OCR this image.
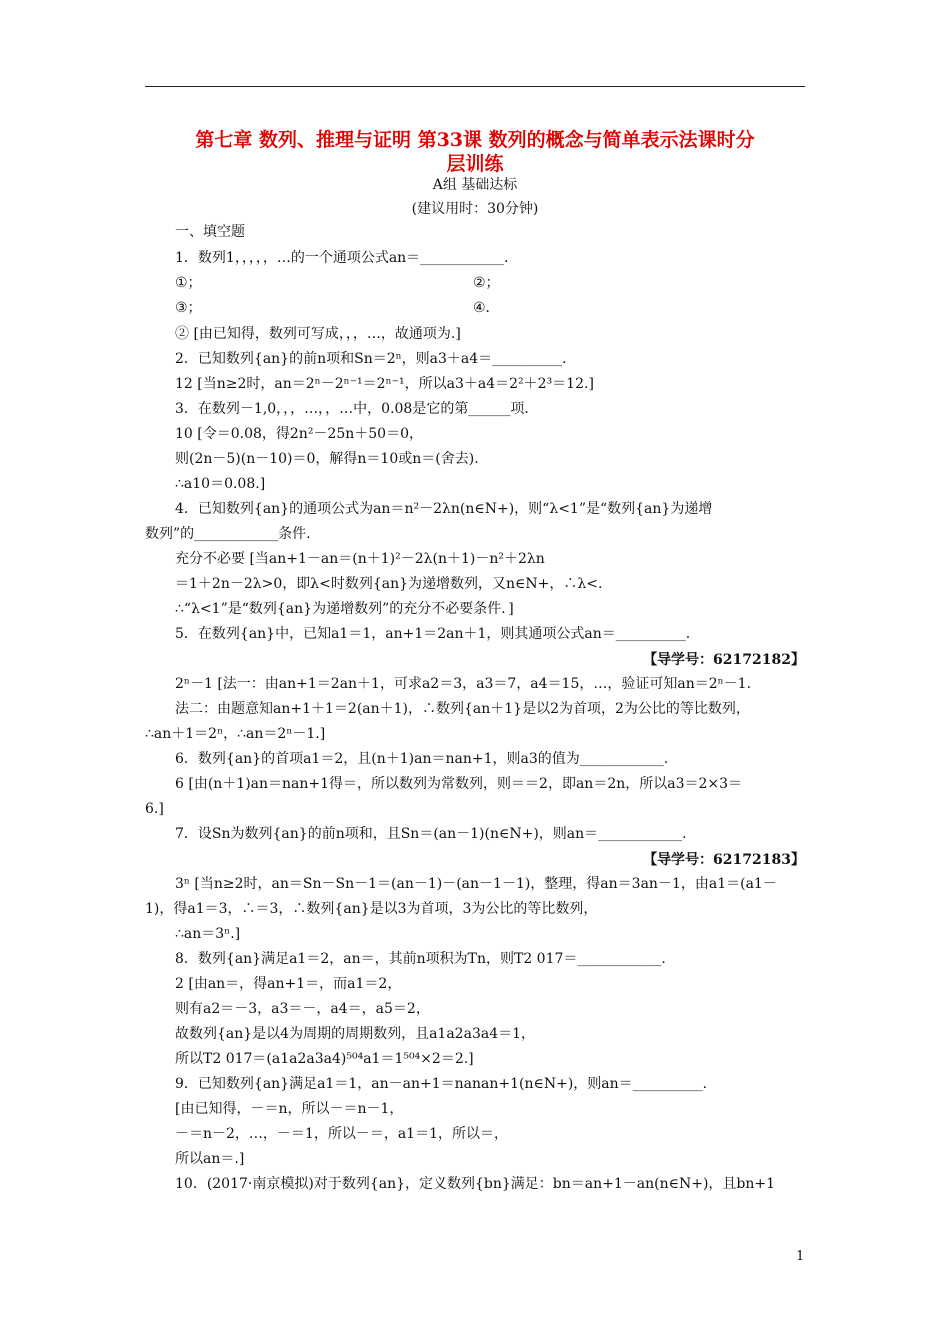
第七章 数列、推理与证明 第33课 数列的概念与简单表示法课时分
层训练
A组 基础达标
(建议用时：30分钟)
一、填空题
1．数列1，，，，，…的一个通项公式an＝____________．
①；	②；
③；	④．
② [由已知得，数列可写成，，，…，故通项为.]
2．已知数列{an}的前n项和Sn＝2ⁿ，则a3＋a4＝__________．
12 [当n≥2时，an＝2ⁿ－2ⁿ⁻¹＝2ⁿ⁻¹，所以a3＋a4＝2²＋2³＝12.]
3．在数列－1,0，，，…，，…中，0.08是它的第______项．
10 [令＝0.08，得2n²－25n＋50＝0，
则(2n－5)(n－10)＝0，解得n＝10或n＝(舍去).
∴a10＝0.08.]
4．已知数列{an}的通项公式为an＝n²－2λn(n∈N+)，则“λ<1”是“数列{an}为递增
数列”的____________条件.
充分不必要 [当an+1－an＝(n＋1)²－2λ(n＋1)－n²＋2λn
＝1＋2n－2λ>0，即λ<时数列{an}为递增数列，又n∈N+，∴λ<.
∴“λ<1”是“数列{an}为递增数列”的充分不必要条件．]
5．在数列{an}中，已知a1＝1，an+1＝2an＋1，则其通项公式an＝__________.
2ⁿ－1 [法一：由an+1＝2an＋1，可求a2＝3，a3＝7，a4＝15，…，验证可知an＝2ⁿ－1.
法二：由题意知an+1＋1＝2(an＋1)，∴数列{an＋1}是以2为首项，2为公比的等比数列，
∴an＋1＝2ⁿ，∴an＝2ⁿ－1.]
6．数列{an}的首项a1＝2，且(n＋1)an＝nan+1，则a3的值为____________.
6 [由(n＋1)an＝nan+1得＝，所以数列为常数列，则＝＝2，即an＝2n，所以a3＝2×3＝
6.]
7．设Sn为数列{an}的前n项和，且Sn＝(an－1)(n∈N+)，则an＝____________.
3ⁿ [当n≥2时，an＝Sn－Sn－1＝(an－1)－(an－1－1)，整理，得an＝3an－1，由a1＝(a1－
1)，得a1＝3，∴＝3，∴数列{an}是以3为首项，3为公比的等比数列，
∴an＝3ⁿ.]
8．数列{an}满足a1＝2，an＝，其前n项积为Tn，则T2 017＝____________.
2 [由an＝，得an+1＝，而a1＝2，
则有a2＝－3，a3＝－，a4＝，a5＝2，
故数列{an}是以4为周期的周期数列，且a1a2a3a4＝1，
所以T2 017＝(a1a2a3a4)⁵⁰⁴a1＝1⁵⁰⁴×2＝2.]
9．已知数列{an}满足a1＝1，an－an+1＝nanan+1(n∈N+)，则an＝__________.
[由已知得，－＝n，所以－＝n－1，
－＝n－2，…，－＝1，所以－＝，a1＝1，所以＝，
所以an＝.]
10．(2017·南京模拟)对于数列{an}，定义数列{bn}满足：bn＝an+1－an(n∈N+)，且bn+1
【导学号：62172182】
【导学号：62172183】
1
